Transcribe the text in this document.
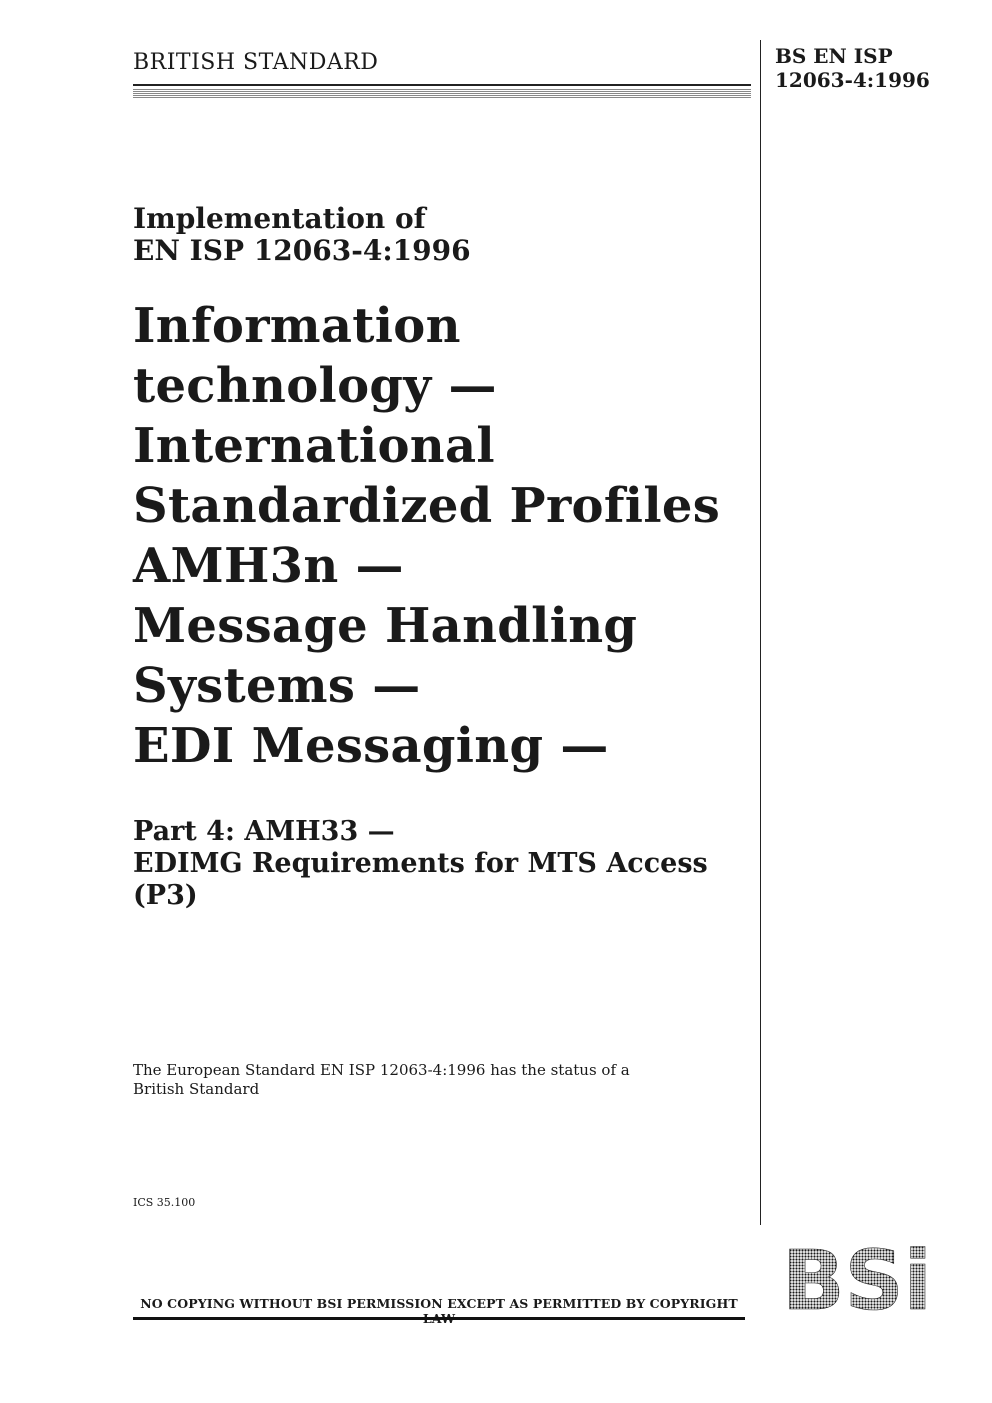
BRITISH STANDARD	BS EN ISP
12063-4:1996
Implementation of
EN ISP 12063-4:1996
Information
technology —
International
Standardized Profiles
AMH3n —
Message Handling
Systems —
EDI Messaging —
Part 4: AMH33 —
EDIMG Requirements for MTS Access
(P3)
The European Standard EN ISP 12063-4:1996 has the status of a
British Standard
ICS 35.100
NO COPYING WITHOUT BSI PERMISSION EXCEPT AS PERMITTED BY COPYRIGHT BSi
